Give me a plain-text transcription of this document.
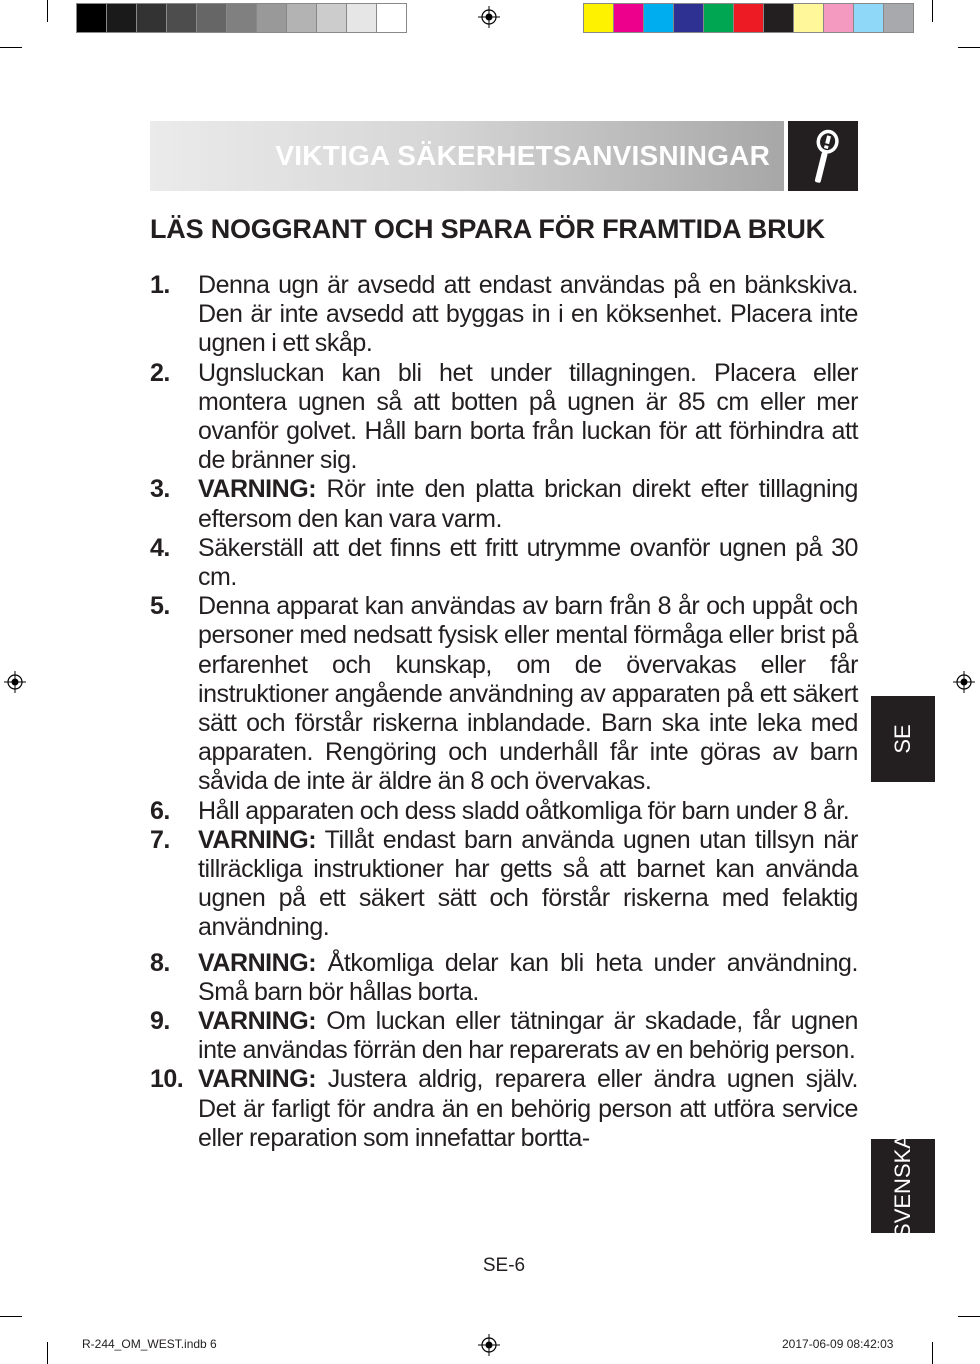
VIKTIGA SÄKERHETSANVISNINGAR
LÄS NOGGRANT OCH SPARA FÖR FRAMTIDA BRUK
1.	Denna ugn är avsedd att endast användas på en bänkskiva. Den är inte avsedd att byggas in i en köksenhet. Placera inte ugnen i ett skåp.

2.	Ugnsluckan kan bli het under tillagningen. Placera eller montera ugnen så att botten på ugnen är 85 cm eller mer ovanför golvet. Håll barn borta från luckan för att förhindra att de bränner sig.

3.	VARNING: Rör inte den platta brickan direkt efter tilllagning eftersom den kan vara varm.

4.	Säkerställ att det finns ett fritt utrymme ovanför ugnen på 30 cm.

5.	Denna apparat kan användas av barn från 8 år och uppåt och personer med nedsatt fysisk eller mental förmåga eller brist på erfarenhet och kunskap, om de övervakas eller får instruktioner angående användning av apparaten på ett säkert sätt och förstår riskerna inblandade. Barn ska inte leka med apparaten. Rengöring och underhåll får inte göras av barn såvida de inte är äldre än 8 och övervakas.

6.	Håll apparaten och dess sladd oåtkomliga för barn under 8 år.

7.	VARNING: Tillåt endast barn använda ugnen utan tillsyn när tillräckliga instruktioner har getts så att barnet kan använda ugnen på ett säkert sätt och förstår riskerna med felaktig användning.

8.	VARNING: Åtkomliga delar kan bli heta under användning. Små barn bör hållas borta.

9.	VARNING: Om luckan eller tätningar är skadade, får ugnen inte användas förrän den har reparerats av en behörig person.

10. VARNING: Justera aldrig, reparera eller ändra ugnen själv. Det är farligt för andra än en behörig person att utföra service eller reparation som innefattar bortta-

SE
SVENSKA
SE-6
R-244_OM_WEST.indb 6	2017-06-09 08:42:03
